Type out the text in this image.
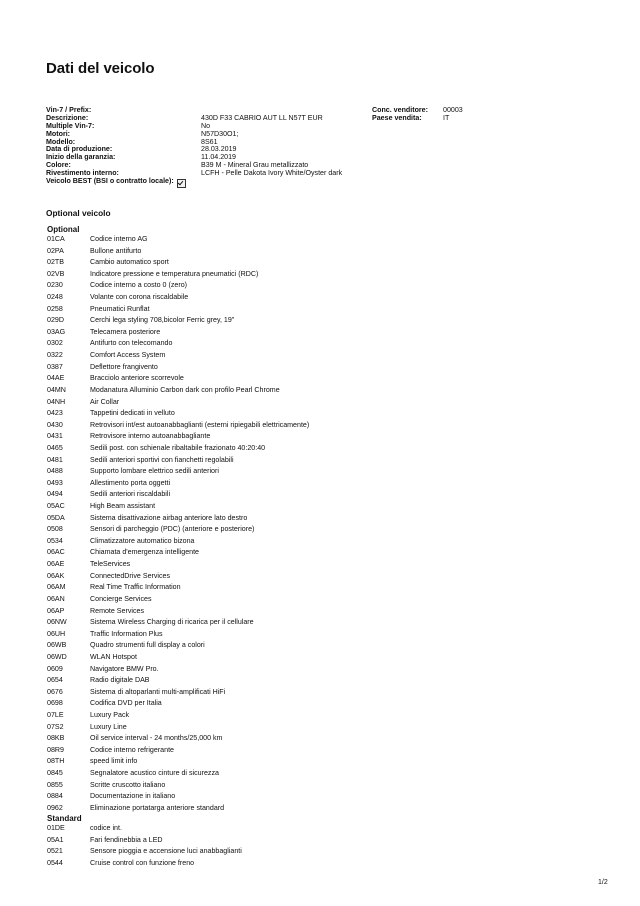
Dati del veicolo
Vin-7 / Prefix:
Descrizione:	430D F33 CABRIO AUT LL N57T EUR
Multiple Vin-7:	No
Motori:	N57D30O1;
Modello:	8S61
Data di produzione:	28.03.2019
Inizio della garanzia:	11.04.2019
Colore:	B39 M - Mineral Grau metallizzato
Rivestimento interno:	LCFH - Pelle Dakota Ivory White/Oyster dark
Veicolo BEST (BSI o contratto locale):
Conc. venditore:	00003
Paese vendita:	IT
Optional veicolo
Optional
01CA	Codice interno AG
02PA	Bullone antifurto
02TB	Cambio automatico sport
02VB	Indicatore pressione e temperatura pneumatici (RDC)
0230	Codice interno a costo 0 (zero)
0248	Volante con corona riscaldabile
0258	Pneumatici Runflat
029D	Cerchi lega styling 708,bicolor Ferric grey, 19"
03AG	Telecamera posteriore
0302	Antifurto con telecomando
0322	Comfort Access System
0387	Deflettore frangivento
04AE	Bracciolo anteriore scorrevole
04MN	Modanatura Alluminio Carbon dark con profilo Pearl Chrome
04NH	Air Collar
0423	Tappetini dedicati in velluto
0430	Retrovisori int/est autoanabbaglianti (esterni ripiegabili elettricamente)
0431	Retrovisore interno autoanabbagliante
0465	Sedili post. con schienale ribaltabile frazionato 40:20:40
0481	Sedili anteriori sportivi con fianchetti regolabili
0488	Supporto lombare elettrico sedili anteriori
0493	Allestimento porta oggetti
0494	Sedili anteriori riscaldabili
05AC	High Beam assistant
05DA	Sistema disattivazione airbag anteriore lato destro
0508	Sensori di parcheggio (PDC) (anteriore e posteriore)
0534	Climatizzatore automatico bizona
06AC	Chiamata d'emergenza intelligente
06AE	TeleServices
06AK	ConnectedDrive Services
06AM	Real Time Traffic Information
06AN	Concierge Services
06AP	Remote Services
06NW	Sistema Wireless Charging di ricarica per il cellulare
06UH	Traffic Information Plus
06WB	Quadro strumenti full display a colori
06WD	WLAN Hotspot
0609	Navigatore BMW Pro.
0654	Radio digitale DAB
0676	Sistema di altoparlanti multi-amplificati HiFi
0698	Codifica DVD per Italia
07LE	Luxury Pack
07S2	Luxury Line
08KB	Oil service interval - 24 months/25,000 km
08R9	Codice interno refrigerante
08TH	speed limit info
0845	Segnalatore acustico cinture di sicurezza
0855	Scritte cruscotto italiano
0884	Documentazione in italiano
0962	Eliminazione portatarga anteriore standard
Standard
01DE	codice int.
05A1	Fari fendinebbia a LED
0521	Sensore pioggia e accensione luci anabbaglianti
0544	Cruise control con funzione freno
1/2
